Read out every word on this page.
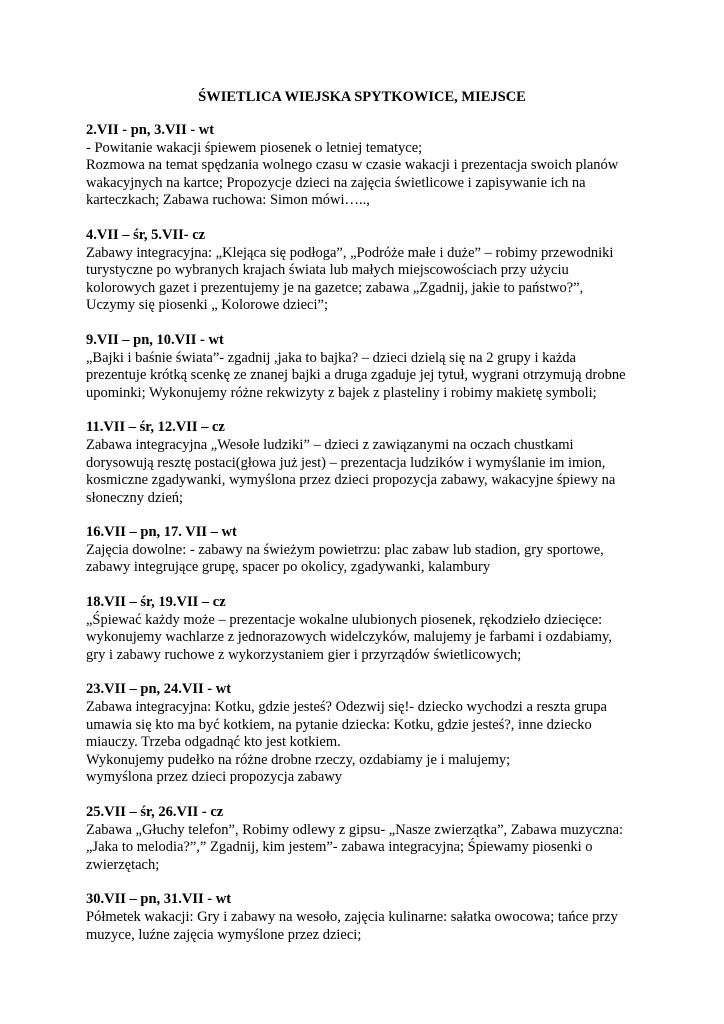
ŚWIETLICA WIEJSKA SPYTKOWICE, MIEJSCE
2.VII - pn, 3.VII - wt
- Powitanie wakacji śpiewem piosenek o letniej tematyce;
Rozmowa na temat spędzania wolnego czasu w czasie wakacji i prezentacja swoich planów
wakacyjnych na kartce; Propozycje dzieci na zajęcia świetlicowe i zapisywanie ich na
karteczkach; Zabawa ruchowa: Simon mówi…..,
4.VII – śr, 5.VII- cz
Zabawy integracyjna: „Klejąca się podłoga”, „Podróże małe i duże” – robimy przewodniki
turystyczne po wybranych krajach świata lub małych miejscowościach przy użyciu
kolorowych gazet i prezentujemy je na gazetce; zabawa „Zgadnij, jakie to państwo?”,
Uczymy się piosenki „ Kolorowe dzieci”;
9.VII – pn, 10.VII - wt
„Bajki i baśnie świata”- zgadnij ,jaka to bajka? – dzieci dzielą się na 2 grupy i każda
prezentuje krótką scenkę ze znanej bajki a druga zgaduje jej tytuł, wygrani otrzymują drobne
upominki; Wykonujemy różne rekwizyty z bajek z plasteliny i robimy makietę symboli;
11.VII – śr, 12.VII – cz
Zabawa integracyjna „Wesołe ludziki” – dzieci z zawiązanymi na oczach chustkami
dorysowują resztę postaci(głowa już jest) – prezentacja ludzików i wymyślanie im imion,
kosmiczne zgadywanki, wymyślona przez dzieci propozycja zabawy, wakacyjne śpiewy na
słoneczny dzień;
16.VII – pn, 17. VII – wt
Zajęcia dowolne: - zabawy na świeżym powietrzu: plac zabaw lub stadion, gry sportowe,
zabawy integrujące grupę, spacer po okolicy, zgadywanki, kalambury
18.VII – śr, 19.VII – cz
„Śpiewać każdy może – prezentacje wokalne ulubionych piosenek, rękodzieło dziecięce:
wykonujemy wachlarze z jednorazowych widelczyków, malujemy je farbami i ozdabiamy,
gry i zabawy ruchowe z wykorzystaniem gier i przyrządów świetlicowych;
23.VII – pn, 24.VII - wt
Zabawa integracyjna: Kotku, gdzie jesteś? Odezwij się!- dziecko wychodzi a reszta grupa
umawia się kto ma być kotkiem, na pytanie dziecka: Kotku, gdzie jesteś?, inne dziecko
miauczy. Trzeba odgadnąć kto jest kotkiem.
Wykonujemy pudełko na różne drobne rzeczy, ozdabiamy je i malujemy;
wymyślona przez dzieci propozycja zabawy
25.VII – śr, 26.VII - cz
Zabawa „Głuchy telefon”, Robimy odlewy z gipsu- „Nasze zwierzątka”, Zabawa muzyczna:
„Jaka to melodia?”,” Zgadnij, kim jestem”- zabawa integracyjna; Śpiewamy piosenki o
zwierzętach;
30.VII – pn, 31.VII - wt
Półmetek wakacji: Gry i zabawy na wesoło, zajęcia kulinarne: sałatka owocowa; tańce przy
muzyce, luźne zajęcia wymyślone przez dzieci;
